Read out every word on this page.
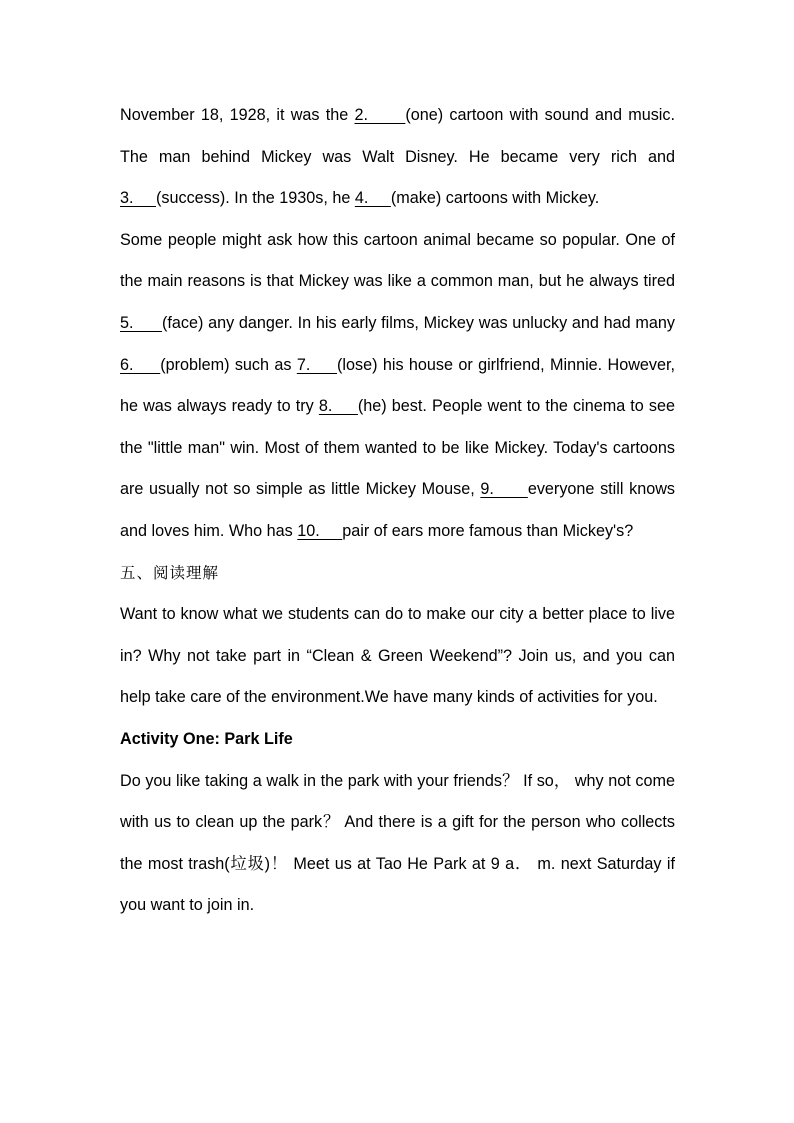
November 18, 1928, it was the 2.      (one) cartoon with sound and music. The man behind Mickey was Walt Disney. He became very rich and 3.     (success). In the 1930s, he 4.     (make) cartoons with Mickey.

Some people might ask how this cartoon animal became so popular. One of the main reasons is that Mickey was like a common man, but he always tired 5.      (face) any danger. In his early films, Mickey was unlucky and had many 6.     (problem) such as 7.     (lose) his house or girlfriend, Minnie. However, he was always ready to try 8.     (he) best. People went to the cinema to see the "little man" win. Most of them wanted to be like Mickey. Today's cartoons are usually not so simple as little Mickey Mouse, 9.      everyone still knows and loves him. Who has 10.     pair of ears more famous than Mickey's?

五、阅读理解

Want to know what we students can do to make our city a better place to live in? Why not take part in “Clean & Green Weekend”? Join us, and you can help take care of the environment.We have many kinds of activities for you.

Activity One: Park Life

Do you like taking a walk in the park with your friends？ If so， why not come with us to clean up the park？ And there is a gift for the person who collects the most trash(垃圾)！ Meet us at Tao He Park at 9 a． m. next Saturday if you want to join in.
